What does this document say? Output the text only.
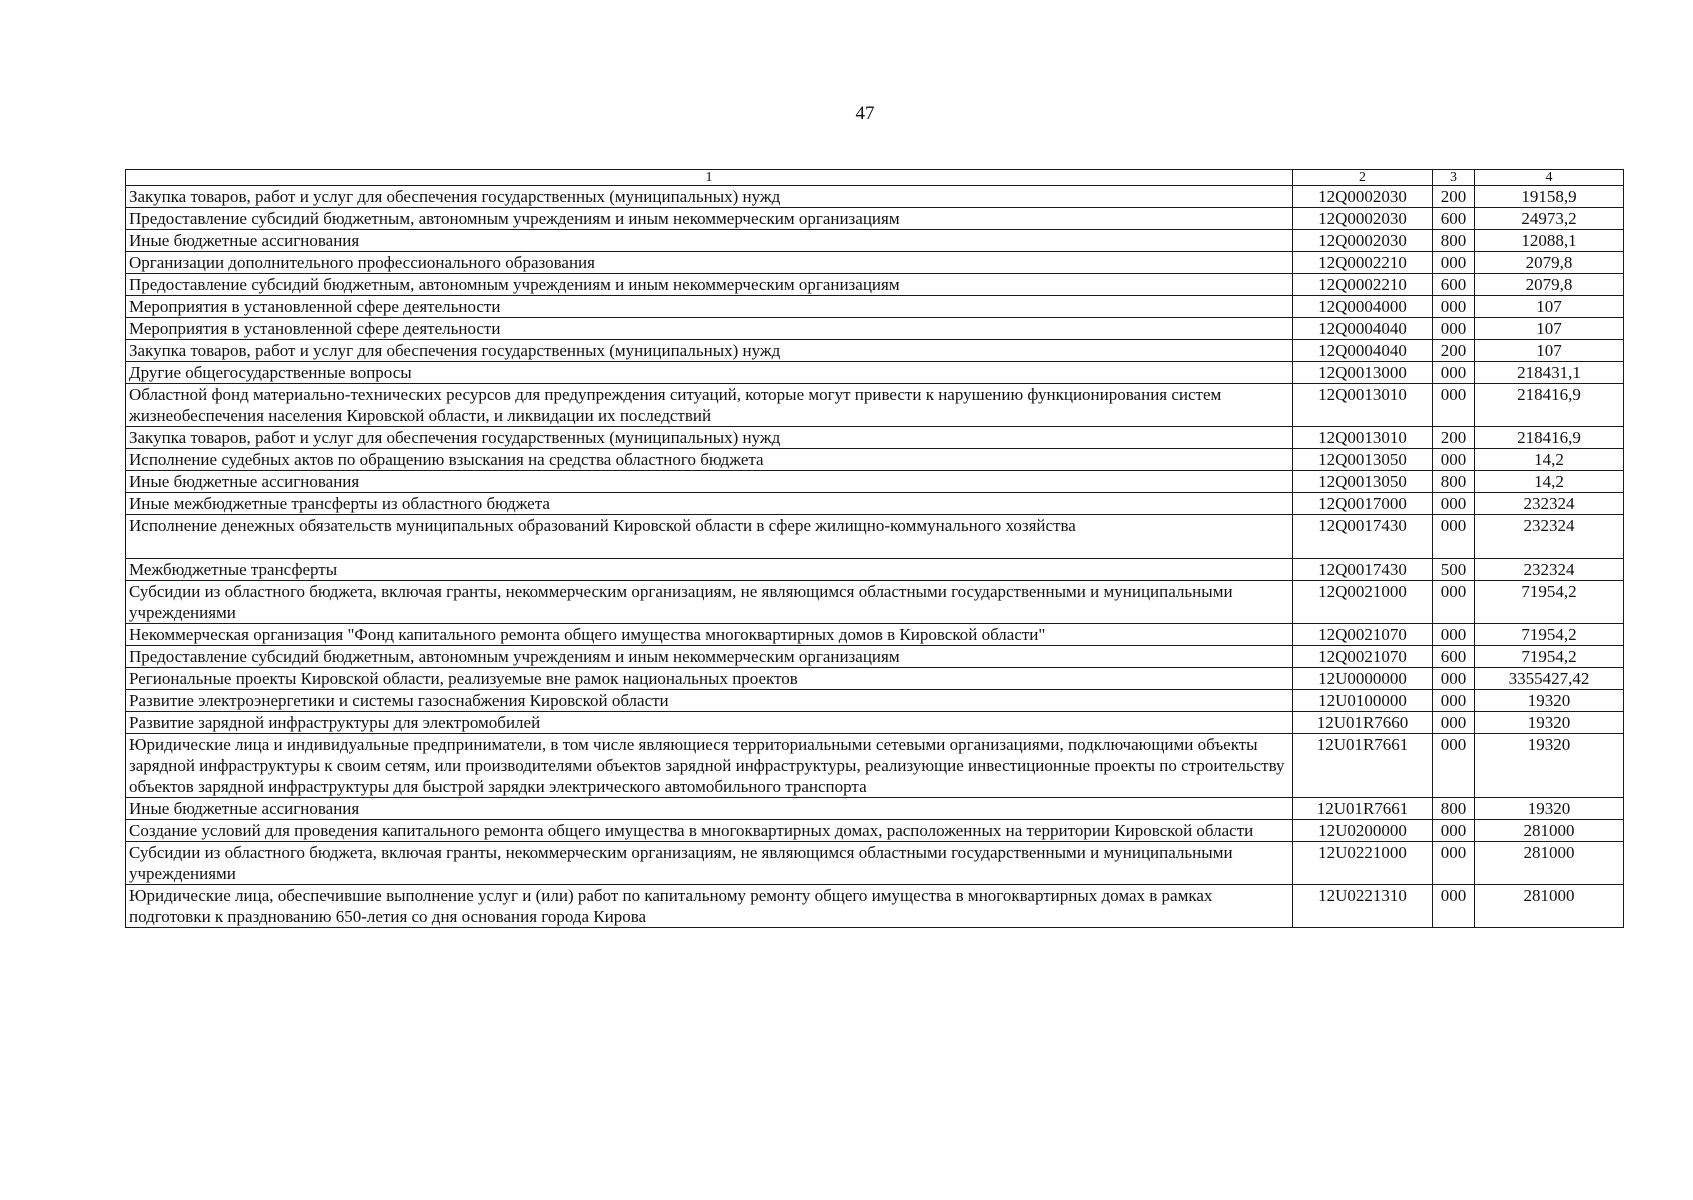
47
1	2	3	4
Закупка товаров, работ и услуг для обеспечения государственных (муниципальных) нужд	12Q0002030	200	19158,9
Предоставление субсидий бюджетным, автономным учреждениям и иным некоммерческим организациям	12Q0002030	600	24973,2
Иные бюджетные ассигнования	12Q0002030	800	12088,1
Организации дополнительного профессионального образования	12Q0002210	000	2079,8
Предоставление субсидий бюджетным, автономным учреждениям и иным некоммерческим организациям	12Q0002210	600	2079,8
Мероприятия в установленной сфере деятельности	12Q0004000	000	107
Мероприятия в установленной сфере деятельности	12Q0004040	000	107
Закупка товаров, работ и услуг для обеспечения государственных (муниципальных) нужд	12Q0004040	200	107
Другие общегосударственные вопросы	12Q0013000	000	218431,1
Областной фонд материально-технических ресурсов для предупреждения ситуаций, которые могут привести к нарушению функционирования систем жизнеобеспечения населения Кировской области, и ликвидации их последствий	12Q0013010	000	218416,9
Закупка товаров, работ и услуг для обеспечения государственных (муниципальных) нужд	12Q0013010	200	218416,9
Исполнение судебных актов по обращению взыскания на средства областного бюджета	12Q0013050	000	14,2
Иные бюджетные ассигнования	12Q0013050	800	14,2
Иные межбюджетные трансферты из областного бюджета	12Q0017000	000	232324
Исполнение денежных обязательств муниципальных образований Кировской области в сфере жилищно-коммунального хозяйства	12Q0017430	000	232324
Межбюджетные трансферты	12Q0017430	500	232324
Субсидии из областного бюджета, включая гранты, некоммерческим организациям, не являющимся областными государственными и муниципальными учреждениями	12Q0021000	000	71954,2
Некоммерческая организация "Фонд капитального ремонта общего имущества многоквартирных домов в Кировской области"	12Q0021070	000	71954,2
Предоставление субсидий бюджетным, автономным учреждениям и иным некоммерческим организациям	12Q0021070	600	71954,2
Региональные проекты Кировской области, реализуемые вне рамок национальных проектов	12U0000000	000	3355427,42
Развитие электроэнергетики и системы газоснабжения Кировской области	12U0100000	000	19320
Развитие зарядной инфраструктуры для электромобилей	12U01R7660	000	19320
Юридические лица и индивидуальные предприниматели, в том числе являющиеся территориальными сетевыми организациями, подключающими объекты зарядной инфраструктуры к своим сетям, или производителями объектов зарядной инфраструктуры, реализующие инвестиционные проекты по строительству объектов зарядной инфраструктуры для быстрой зарядки электрического автомобильного транспорта	12U01R7661	000	19320
Иные бюджетные ассигнования	12U01R7661	800	19320
Создание условий для проведения капитального ремонта общего имущества в многоквартирных домах, расположенных на территории Кировской области	12U0200000	000	281000
Субсидии из областного бюджета, включая гранты, некоммерческим организациям, не являющимся областными государственными и муниципальными учреждениями	12U0221000	000	281000
Юридические лица, обеспечившие выполнение услуг и (или) работ по капитальному ремонту общего имущества в многоквартирных домах в рамках подготовки к празднованию 650-летия со дня основания города Кирова	12U0221310	000	281000
